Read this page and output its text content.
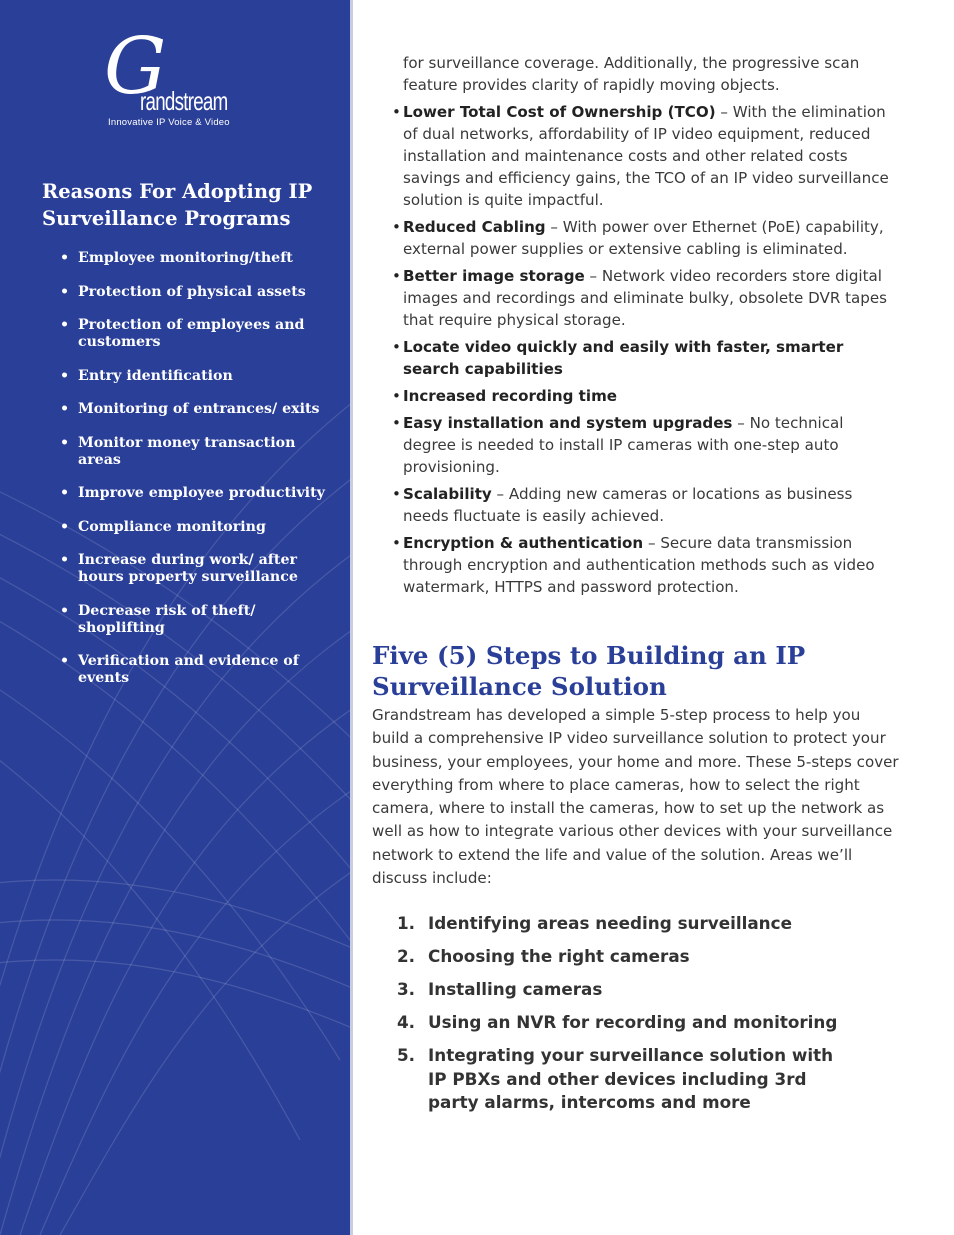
G
randstream
Innovative IP Voice & Video
Reasons For Adopting IP Surveillance Programs
• Employee monitoring/theft
• Protection of physical assets
• Protection of employees and customers
• Entry identification
• Monitoring of entrances/ exits
• Monitor money transaction areas
• Improve employee productivity
• Compliance monitoring
• Increase during work/ after hours property surveillance
• Decrease risk of theft/ shoplifting
• Verification and evidence of events

for surveillance coverage. Additionally, the progressive scan feature provides clarity of rapidly moving objects.

• Lower Total Cost of Ownership (TCO) – With the elimination of dual networks, affordability of IP video equipment, reduced installation and maintenance costs and other related costs savings and efficiency gains, the TCO of an IP video surveillance solution is quite impactful.
• Reduced Cabling – With power over Ethernet (PoE) capability, external power supplies or extensive cabling is eliminated.
• Better image storage – Network video recorders store digital images and recordings and eliminate bulky, obsolete DVR tapes that require physical storage.
• Locate video quickly and easily with faster, smarter search capabilities
• Increased recording time
• Easy installation and system upgrades – No technical degree is needed to install IP cameras with one-step auto provisioning.
• Scalability – Adding new cameras or locations as business needs fluctuate is easily achieved.
• Encryption & authentication – Secure data transmission through encryption and authentication methods such as video watermark, HTTPS and password protection.
Five (5) Steps to Building an IP Surveillance Solution

Grandstream has developed a simple 5-step process to help you build a comprehensive IP video surveillance solution to protect your business, your employees, your home and more. These 5-steps cover everything from where to place cameras, how to select the right camera, where to install the cameras, how to set up the network as well as how to integrate various other devices with your surveillance network to extend the life and value of the solution. Areas we’ll discuss include:

1. Identifying areas needing surveillance
2. Choosing the right cameras
3. Installing cameras
4. Using an NVR for recording and monitoring
5. Integrating your surveillance solution with IP PBXs and other devices including 3rd party alarms, intercoms and more
